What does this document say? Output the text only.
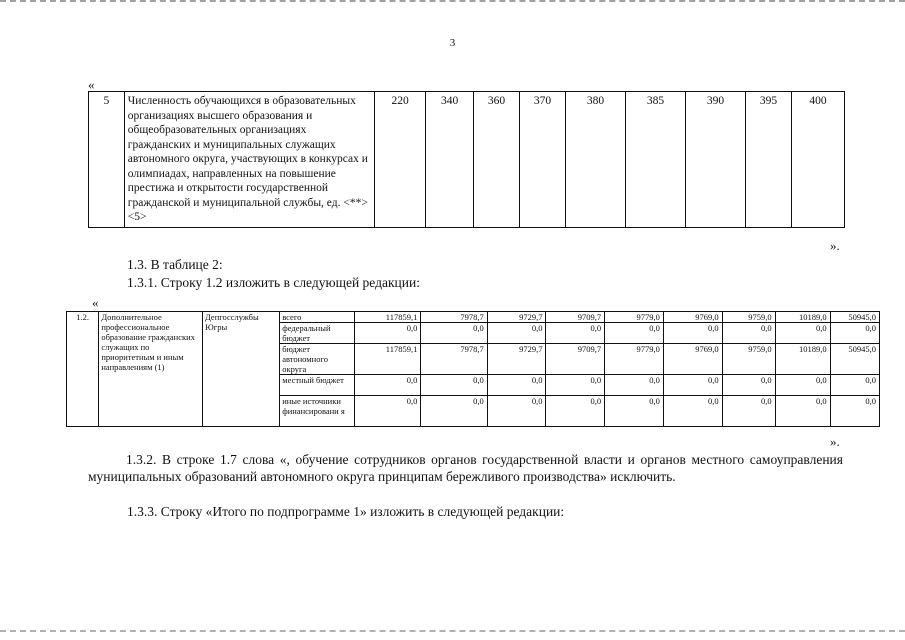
3
«
5	Численность обучающихся в образовательных организациях высшего образования и общеобразовательных организациях гражданских и муниципальных служащих автономного округа, участвующих в конкурсах и олимпиадах, направленных на повышение престижа и открытости государственной гражданской и муниципальной службы, ед. <**> <5>	220	340	360	370	380	385	390	395	400
».

1.3. В таблице 2:

1.3.1. Строку 1.2 изложить в следующей редакции:

«
1.2.	Дополнительное профессиональное образование гражданских служащих по приоритетным и иным направлениям (1)	Депгосслужбы Югры	всего	117859,1	7978,7	9729,7	9709,7	9779,0	9769,0	9759,0	10189,0	50945,0
			федеральный бюджет	0,0	0,0	0,0	0,0	0,0	0,0	0,0	0,0	0,0
			бюджет автономного округа	117859,1	7978,7	9729,7	9709,7	9779,0	9769,0	9759,0	10189,0	50945,0
			местный бюджет	0,0	0,0	0,0	0,0	0,0	0,0	0,0	0,0	0,0
			иные источники финансировани я	0,0	0,0	0,0	0,0	0,0	0,0	0,0	0,0	0,0
».

1.3.2. В строке 1.7 слова «, обучение сотрудников органов государственной власти и органов местного самоуправления муниципальных образований автономного округа принципам бережливого производства» исключить.

1.3.3. Строку «Итого по подпрограмме 1» изложить в следующей редакции:
